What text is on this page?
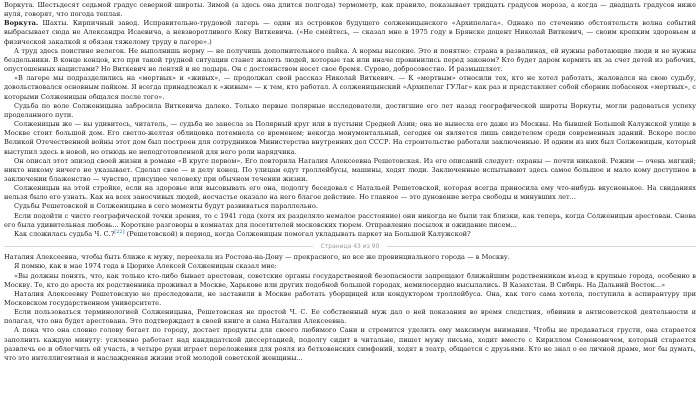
Воркута. Шестьдесят седьмой градус северной широты. Зимой (а здесь она длится полгода) термометр, как правило, показывает тридцать градусов мороза, а когда — двадцать градусов ниже нуля, говорят, что погода теплая.

Воркута. Шахты. Кирпичный завод. Исправительно-трудовой лагерь — один из островков будущего солженицынского «Архипелага». Однако по стечению обстоятельств волна событий выбрасывает сюда не Александра Исаевича, а невзворотливого Коку Виткевича. («Не смейтесь, — сказал мне в 1975 году в Брянске доцент Николай Виткевич, — своим крепким здоровьем и физической закалкой я обязан тяжелому труду в лагере».)

А труд здесь поистине нелегок. Не выполнишь норму — не получишь дополнительного пайка. А нормы высокие. Это и понятно: страна в развалинах, ей нужны работающие люди и не нужны бездельники. В конце концов, кто при такой трудной ситуации станет жалеть людей, которые так или иначе провинились перед законом? Кто будет даром кормить их за счет детей из рабочих, опустошенных нацистами? Но Виткевич не лентяй и не лодырь. Он с достоинством несет свое бремя. Сурово, добросовестно. И размышляет.

«В лагере мы подразделились на «мертвых» и «живых», — продолжал свой рассказ Николай Виткевич. — К «мертвым» относили тех, кто не хотел работать, жаловался на свою судьбу, довольствовался основным пайком. Я всегда принадлежал к «живым» — к тем, кто работал. А солженицынский «Архипелаг ГУЛаг» как раз и представляет собой сборник побасенок «мертвых», с которыми Солженицын общался после того».

Судьба по воле Солженицына забросила Виткевича далеко. Только первые полярные исследователи, достигшие его лет назад географической широты Воркуты, могли радоваться успеху проделанного пути.

Солженицын же — вы удивитесь, читатель, — судьба не занесла за Полярный круг или в пустыни Средней Азии; она не вынесла его даже из Москвы. На бывшей Большой Калужской улице в Москве стоит большой дом. Его светло-желтая облицовка потемнела со временем; некогда монументальный, сегодня он является лишь свидетелем среди современных зданий. Вскоре после Великой Отечественной войны этот дом был построен для сотрудников Министерства внутренних дел СССР. На строительстве работали заключенные. И одним из них был Солженицын, который выступил здесь в новой, но отнюдь не неподготовленной для него роли нарядчика.

Он описал этот эпизод своей жизни в романе «В круге первом». Его повторила Наталия Алексеевна Решетовская. Из его описаний следует: охраны — почти никакой. Режим — очень мягкий; никто никому ничего не указывает. Сделал свое — и делу конец. По улицам едут троллейбусы, машины, ходят люди. Заключенные испытывают здесь самое большое и мало кому доступное в заключении блаженство — чувство, присущее человеку при обычном течении жизни.

Солженицын на этой стройке, если на здоровье или высовывать его она, подолгу беседовал с Натальей Решетовской, которая всегда приносила ему что-нибудь вкусненькое. На свиданиях нельзя было его узнать. Как на всех заносчивых людей, несчастье оказало на него благое действие. Но главное — это дуновение ветра свободы и минувших лет...

Судьбы Решетовской и Солженицына в сего моменты будут развиваться параллельно.

Если подойти с чисто географической точки зрения, то с 1941 года (хотя их разделяло немалое расстояние) они никогда не были так близки, как теперь, когда Солженицын арестован. Снова его была удивительная любовь... Короткие разговоры в комнатах для посетителей московских тюрем. Отправление посылок и ожидание писем...

Как сложилась судьба Ч. С.?[22] (Решетовской) в период, когда Солженицын помогал укладывать паркет на Большой Калужской?

Страница 43 из 90

Наталия Алексеевна, чтобы быть ближе к мужу, переехала из Ростова-на-Дону — прекрасного, но все же провинциального города — в Москву.

Я помню, как в мае 1974 года в Цюрихе Алексей Солженицын сказал мне:

«Вы должны понять, что, как только кто-либо бывает арестован, советские органы государственной безопасности запрещают ближайшим родственникам въезд в крупные города, особенно в Москву. Те, кто до ареста их родственника проживал в Москве, Харькове или других подобной большой городах, немилосердно высылались. В Казахстан. В Сибирь. На Дальний Восток...»

Наталия Алексеевну Решетовскую не преследовали, не заставили в Москве работать уборщицей или кондуктором троллейбуса. Она, как того сама хотела, поступила в аспирантуру при Московском государственном университете.

Если пользоваться терминологией Солженицына, Решетовская не простой Ч. С. Ее собственный муж дал о ней показания во время следствия, обвинив в антисоветской деятельности и полагал, что она будет арестована. Это подтверждает в своей книге и сама Наталия Алексеевна.

А пока что она словно голову бегает по городу, достает продукты для своего любимого Сани и стремится уделить ему максимум внимания. Чтобы не предаваться грусти, она старается заполнить каждую минуту: усиленно работает над кандидатской диссертацией, подолгу сидит в читальне, пишет мужу письма, ходит вместе с Кириллом Семеновичем, который старается развлечь ее и облегчить ей участь, в четыре руки играет переложения для рояля из бетховенских симфоний, ходят в театр, общается с друзьями. Кто не знал о ее личной драме, мог бы думать, что это интеллигентная и наслажденная жизни этой молодой советской женщины...
